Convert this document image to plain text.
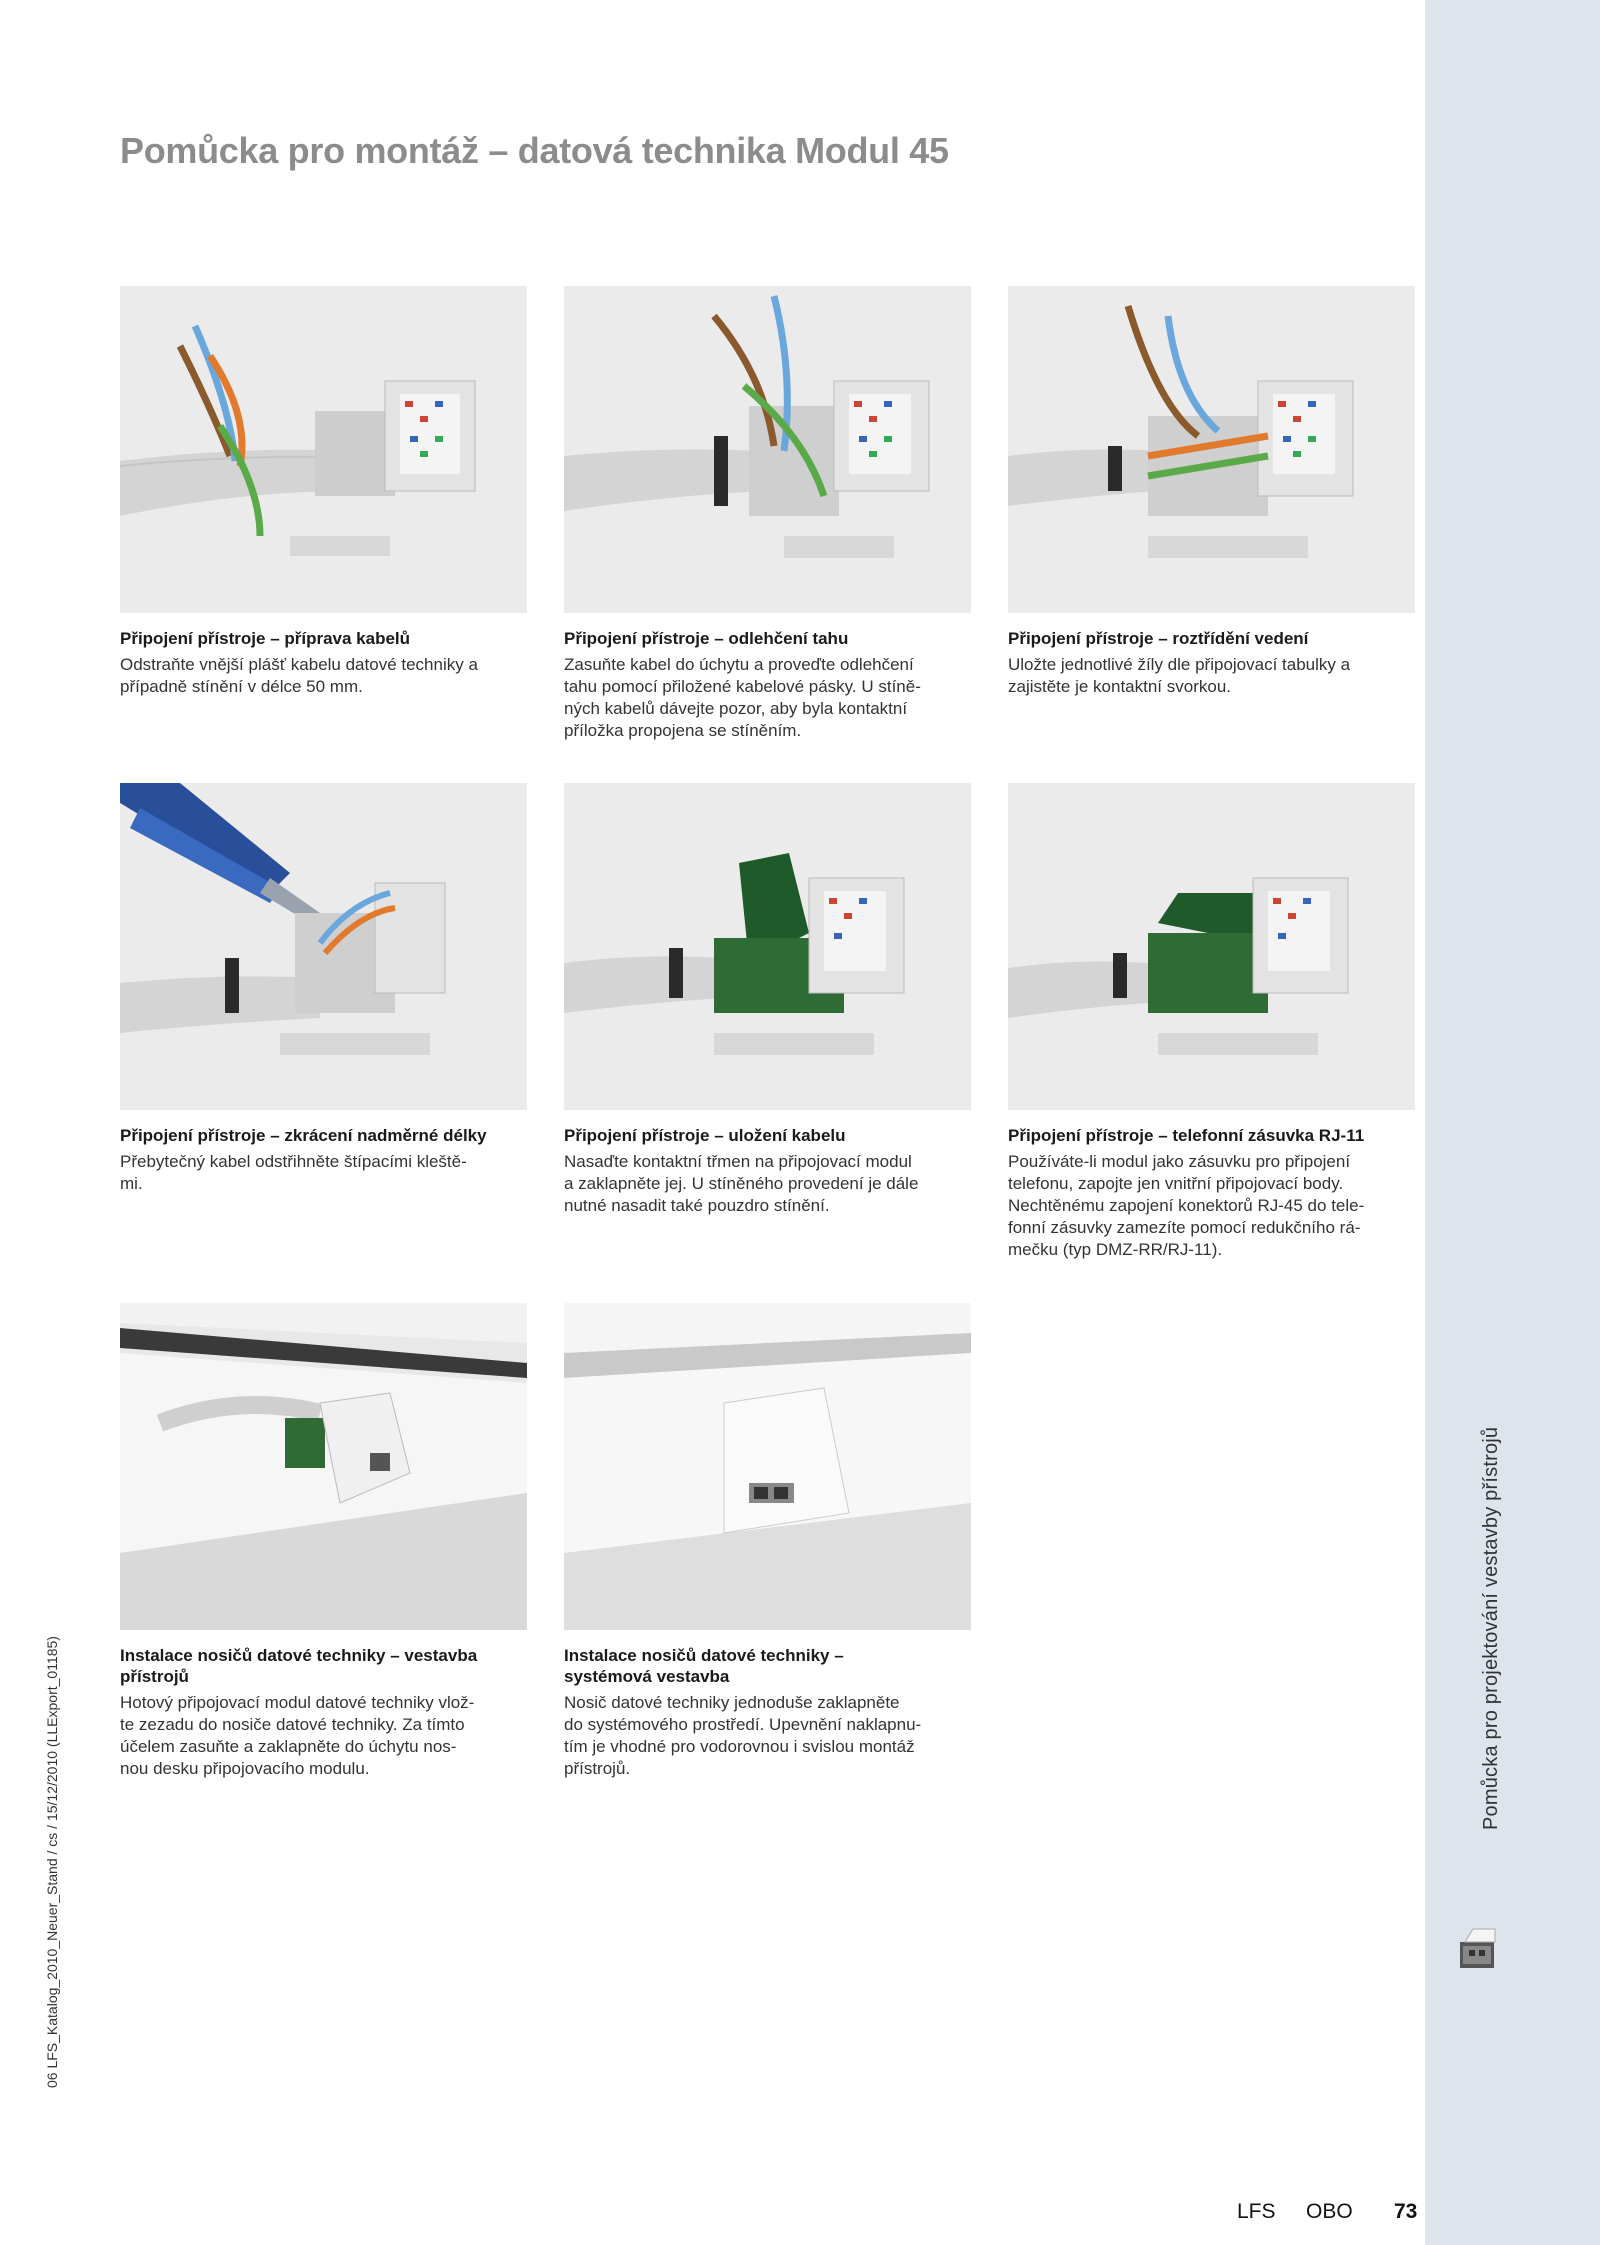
Pomůcka pro projektování vestavby přístrojů
06 LFS_Katalog_2010_Neuer_Stand / cs / 15/12/2010 (LLExport_01185)
Pomůcka pro montáž – datová technika Modul 45
Připojení přístroje – příprava kabelů

Odstraňte vnější plášť kabelu datové techniky a
případně stínění v délce 50 mm.

Připojení přístroje – odlehčení tahu

Zasuňte kabel do úchytu a proveďte odlehčení
tahu pomocí přiložené kabelové pásky. U stíně-
ných kabelů dávejte pozor, aby byla kontaktní
příložka propojena se stíněním.

Připojení přístroje – roztřídění vedení

Uložte jednotlivé žíly dle připojovací tabulky a
zajistěte je kontaktní svorkou.

Připojení přístroje – zkrácení nadměrné délky

Přebytečný kabel odstřihněte štípacími kleště-
mi.

Připojení přístroje – uložení kabelu

Nasaďte kontaktní třmen na připojovací modul
a zaklapněte jej. U stíněného provedení je dále
nutné nasadit také pouzdro stínění.

Připojení přístroje – telefonní zásuvka RJ-11

Používáte-li modul jako zásuvku pro připojení
telefonu, zapojte jen vnitřní připojovací body.
Nechtěnému zapojení konektorů RJ-45 do tele-
fonní zásuvky zamezíte pomocí redukčního rá-
mečku (typ DMZ-RR/RJ-11).

Instalace nosičů datové techniky – vestavba
přístrojů

Hotový připojovací modul datové techniky vlož-
te zezadu do nosiče datové techniky. Za tímto
účelem zasuňte a zaklapněte do úchytu nos-
nou desku připojovacího modulu.

Instalace nosičů datové techniky –
systémová vestavba

Nosič datové techniky jednoduše zaklapněte
do systémového prostředí. Upevnění naklapnu-
tím je vhodné pro vodorovnou i svislou montáž
přístrojů.

LFS OBO 73
